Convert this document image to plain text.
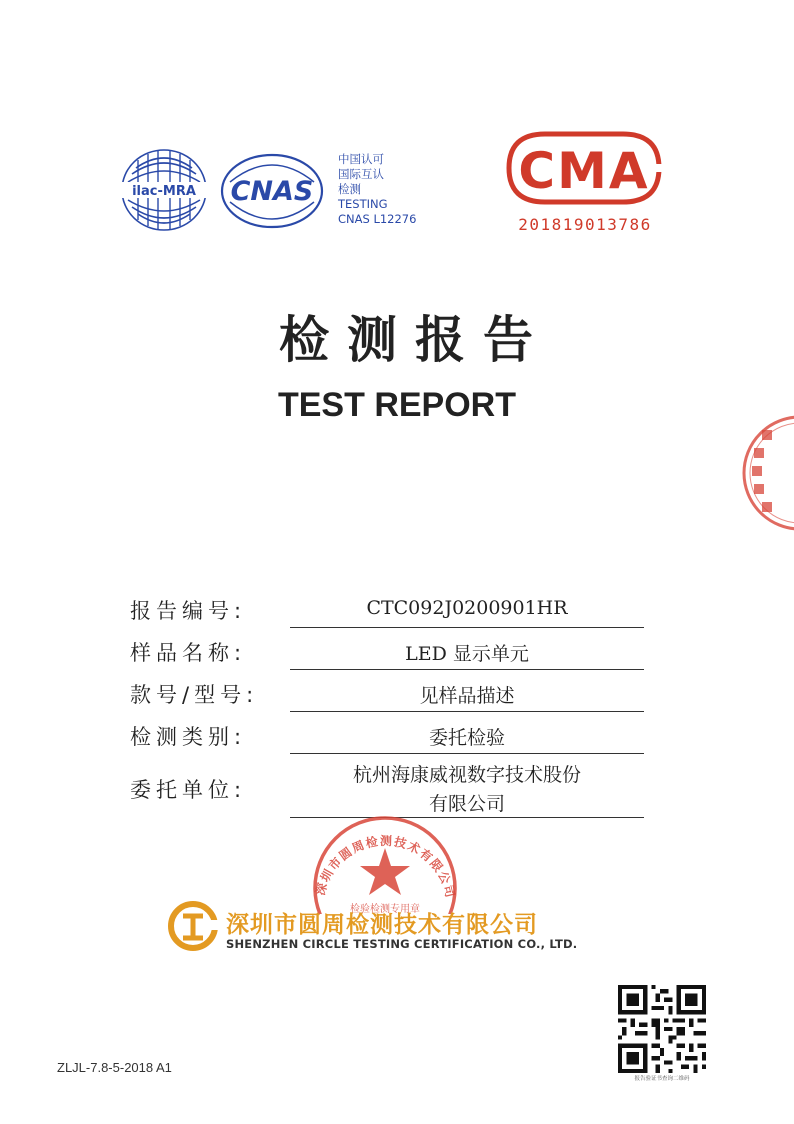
ilac-MRA CNAS
中国认可
国际互认
检测
TESTING
CNAS L12276
CMA
201819013786
检测报告
TEST REPORT
报告编号:	CTC092J0200901HR
样品名称:	LED 显示单元
款号/型号:	见样品描述
检测类别:	委托检验
委托单位:
杭州海康威视数字技术股份
有限公司
深圳市圆周检测技术有限公司
检验检测专用章
深圳市圆周检测技术有限公司
SHENZHEN CIRCLE TESTING CERTIFICATION CO., LTD.
报告验证书查询二维码
ZLJL-7.8-5-2018 A1
